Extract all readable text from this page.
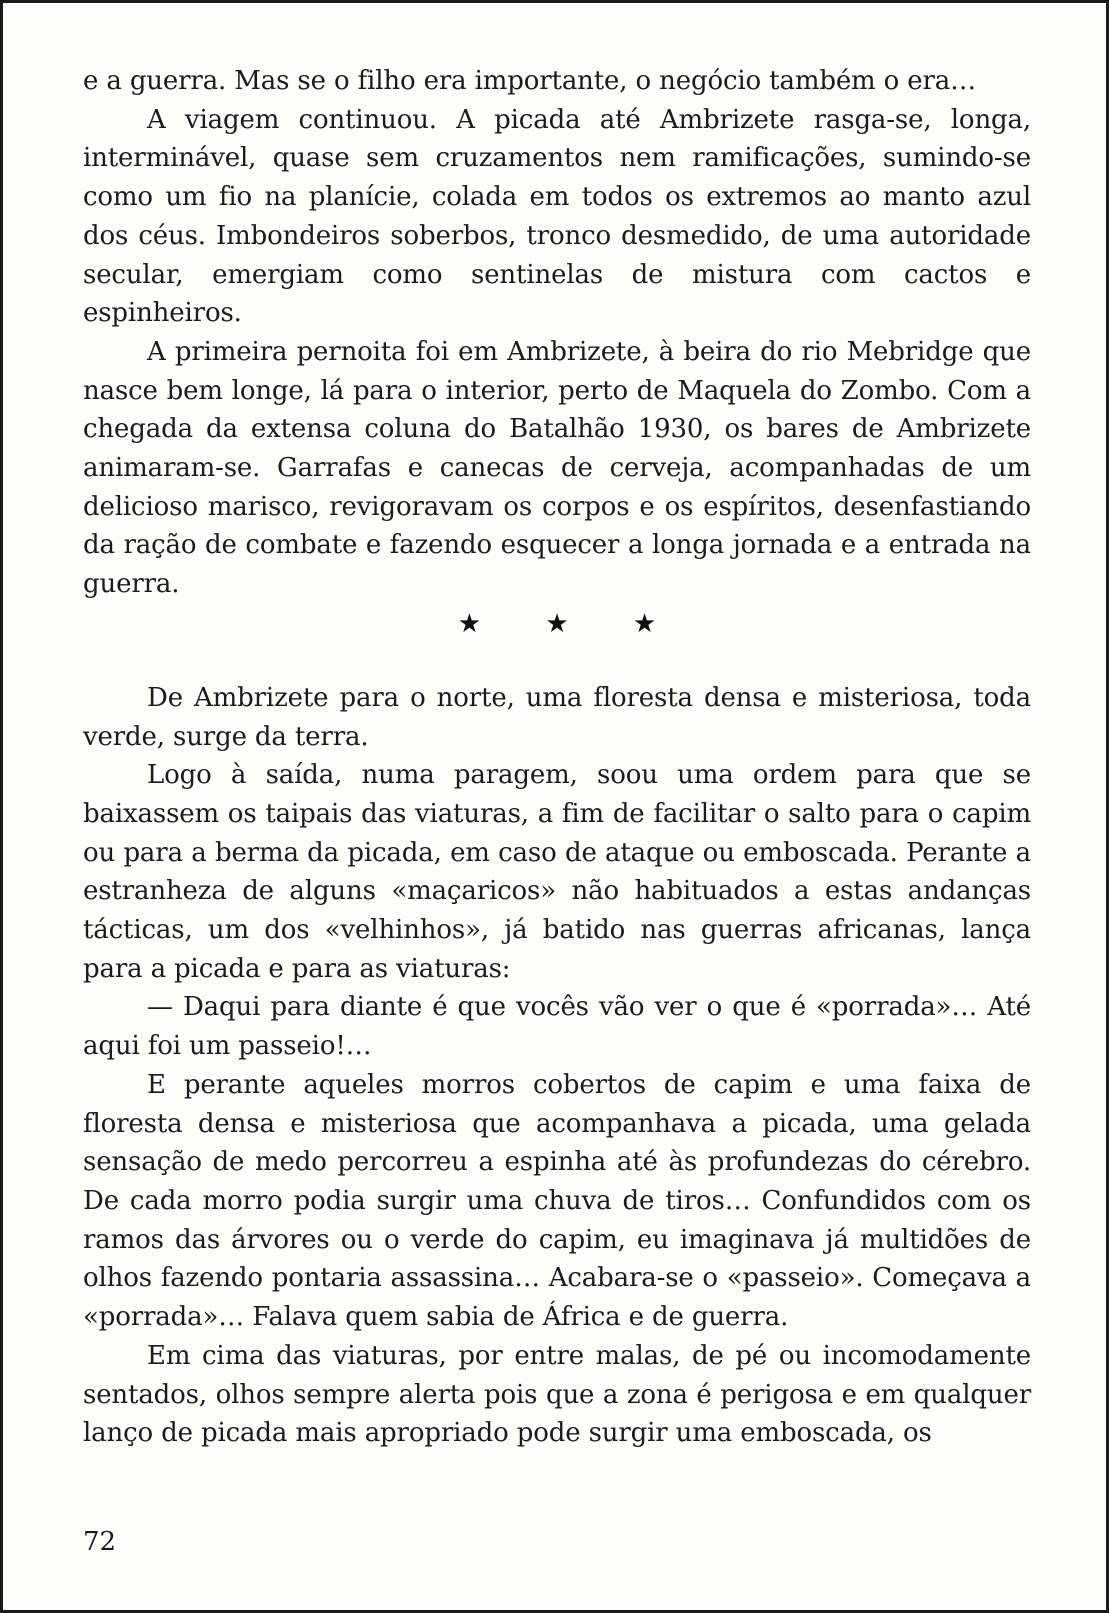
e a guerra. Mas se o filho era importante, o negócio também o era…

A viagem continuou. A picada até Ambrizete rasga-se, longa, interminável, quase sem cruzamentos nem ramificações, sumindo-se como um fio na planície, colada em todos os extremos ao manto azul dos céus. Imbondeiros soberbos, tronco desmedido, de uma autoridade secular, emergiam como sentinelas de mistura com cactos e espinheiros.

A primeira pernoita foi em Ambrizete, à beira do rio Mebridge que nasce bem longe, lá para o interior, perto de Maquela do Zombo. Com a chegada da extensa coluna do Batalhão 1930, os bares de Ambrizete animaram-se. Garrafas e canecas de cerveja, acompanhadas de um delicioso marisco, revigoravam os corpos e os espíritos, desenfastiando da ração de combate e fazendo esquecer a longa jornada e a entrada na guerra.

★ ★ ★

De Ambrizete para o norte, uma floresta densa e misteriosa, toda verde, surge da terra.

Logo à saída, numa paragem, soou uma ordem para que se baixassem os taipais das viaturas, a fim de facilitar o salto para o capim ou para a berma da picada, em caso de ataque ou emboscada. Perante a estranheza de alguns «maçaricos» não habituados a estas andanças tácticas, um dos «velhinhos», já batido nas guerras africanas, lança para a picada e para as viaturas:

— Daqui para diante é que vocês vão ver o que é «porrada»… Até aqui foi um passeio!…

E perante aqueles morros cobertos de capim e uma faixa de floresta densa e misteriosa que acompanhava a picada, uma gelada sensação de medo percorreu a espinha até às profundezas do cérebro. De cada morro podia surgir uma chuva de tiros… Confundidos com os ramos das árvores ou o verde do capim, eu imaginava já multidões de olhos fazendo pontaria assassina… Acabara-se o «passeio». Começava a «porrada»… Falava quem sabia de África e de guerra.

Em cima das viaturas, por entre malas, de pé ou incomodamente sentados, olhos sempre alerta pois que a zona é perigosa e em qualquer lanço de picada mais apropriado pode surgir uma emboscada, os

72
